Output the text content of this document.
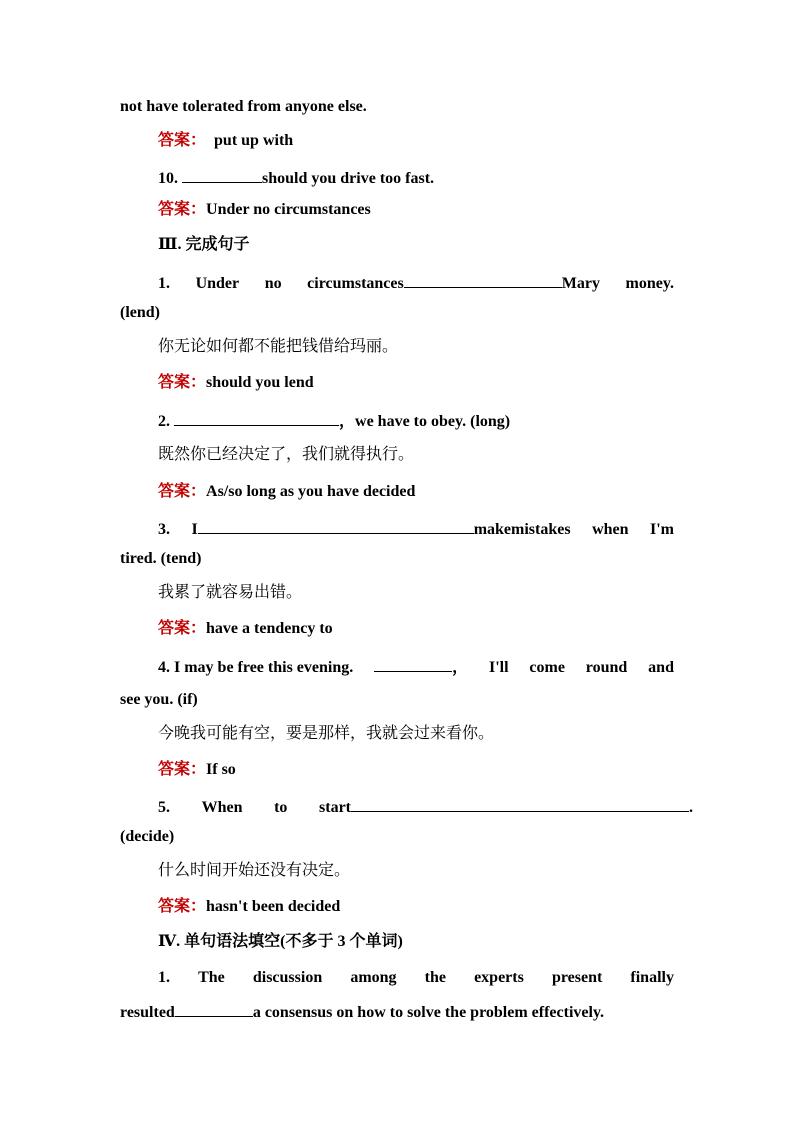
not have tolerated from anyone else.
答案： put up with
10.	should you drive too fast.
答案：Under no circumstances
Ⅲ. 完成句子
1. Under no circumstances	Mary money.
(lend)
你无论如何都不能把钱借给玛丽。
答案：should you lend
2.	，we have to obey. (long)
既然你已经决定了，我们就得执行。
答案：As/so long as you have decided
3. I	makemistakes when I'm
tired. (tend)
我累了就容易出错。
答案：have a tendency to
4. I may be free this evening.	， I'll come round and
see you. (if)
今晚我可能有空，要是那样，我就会过来看你。
答案：If so
5. When to start	.
(decide)
什么时间开始还没有决定。
答案：hasn't been decided
Ⅳ. 单句语法填空(不多于 3 个单词)
1. The discussion among the experts present finally
resulted	a consensus on how to solve the problem effectively.
